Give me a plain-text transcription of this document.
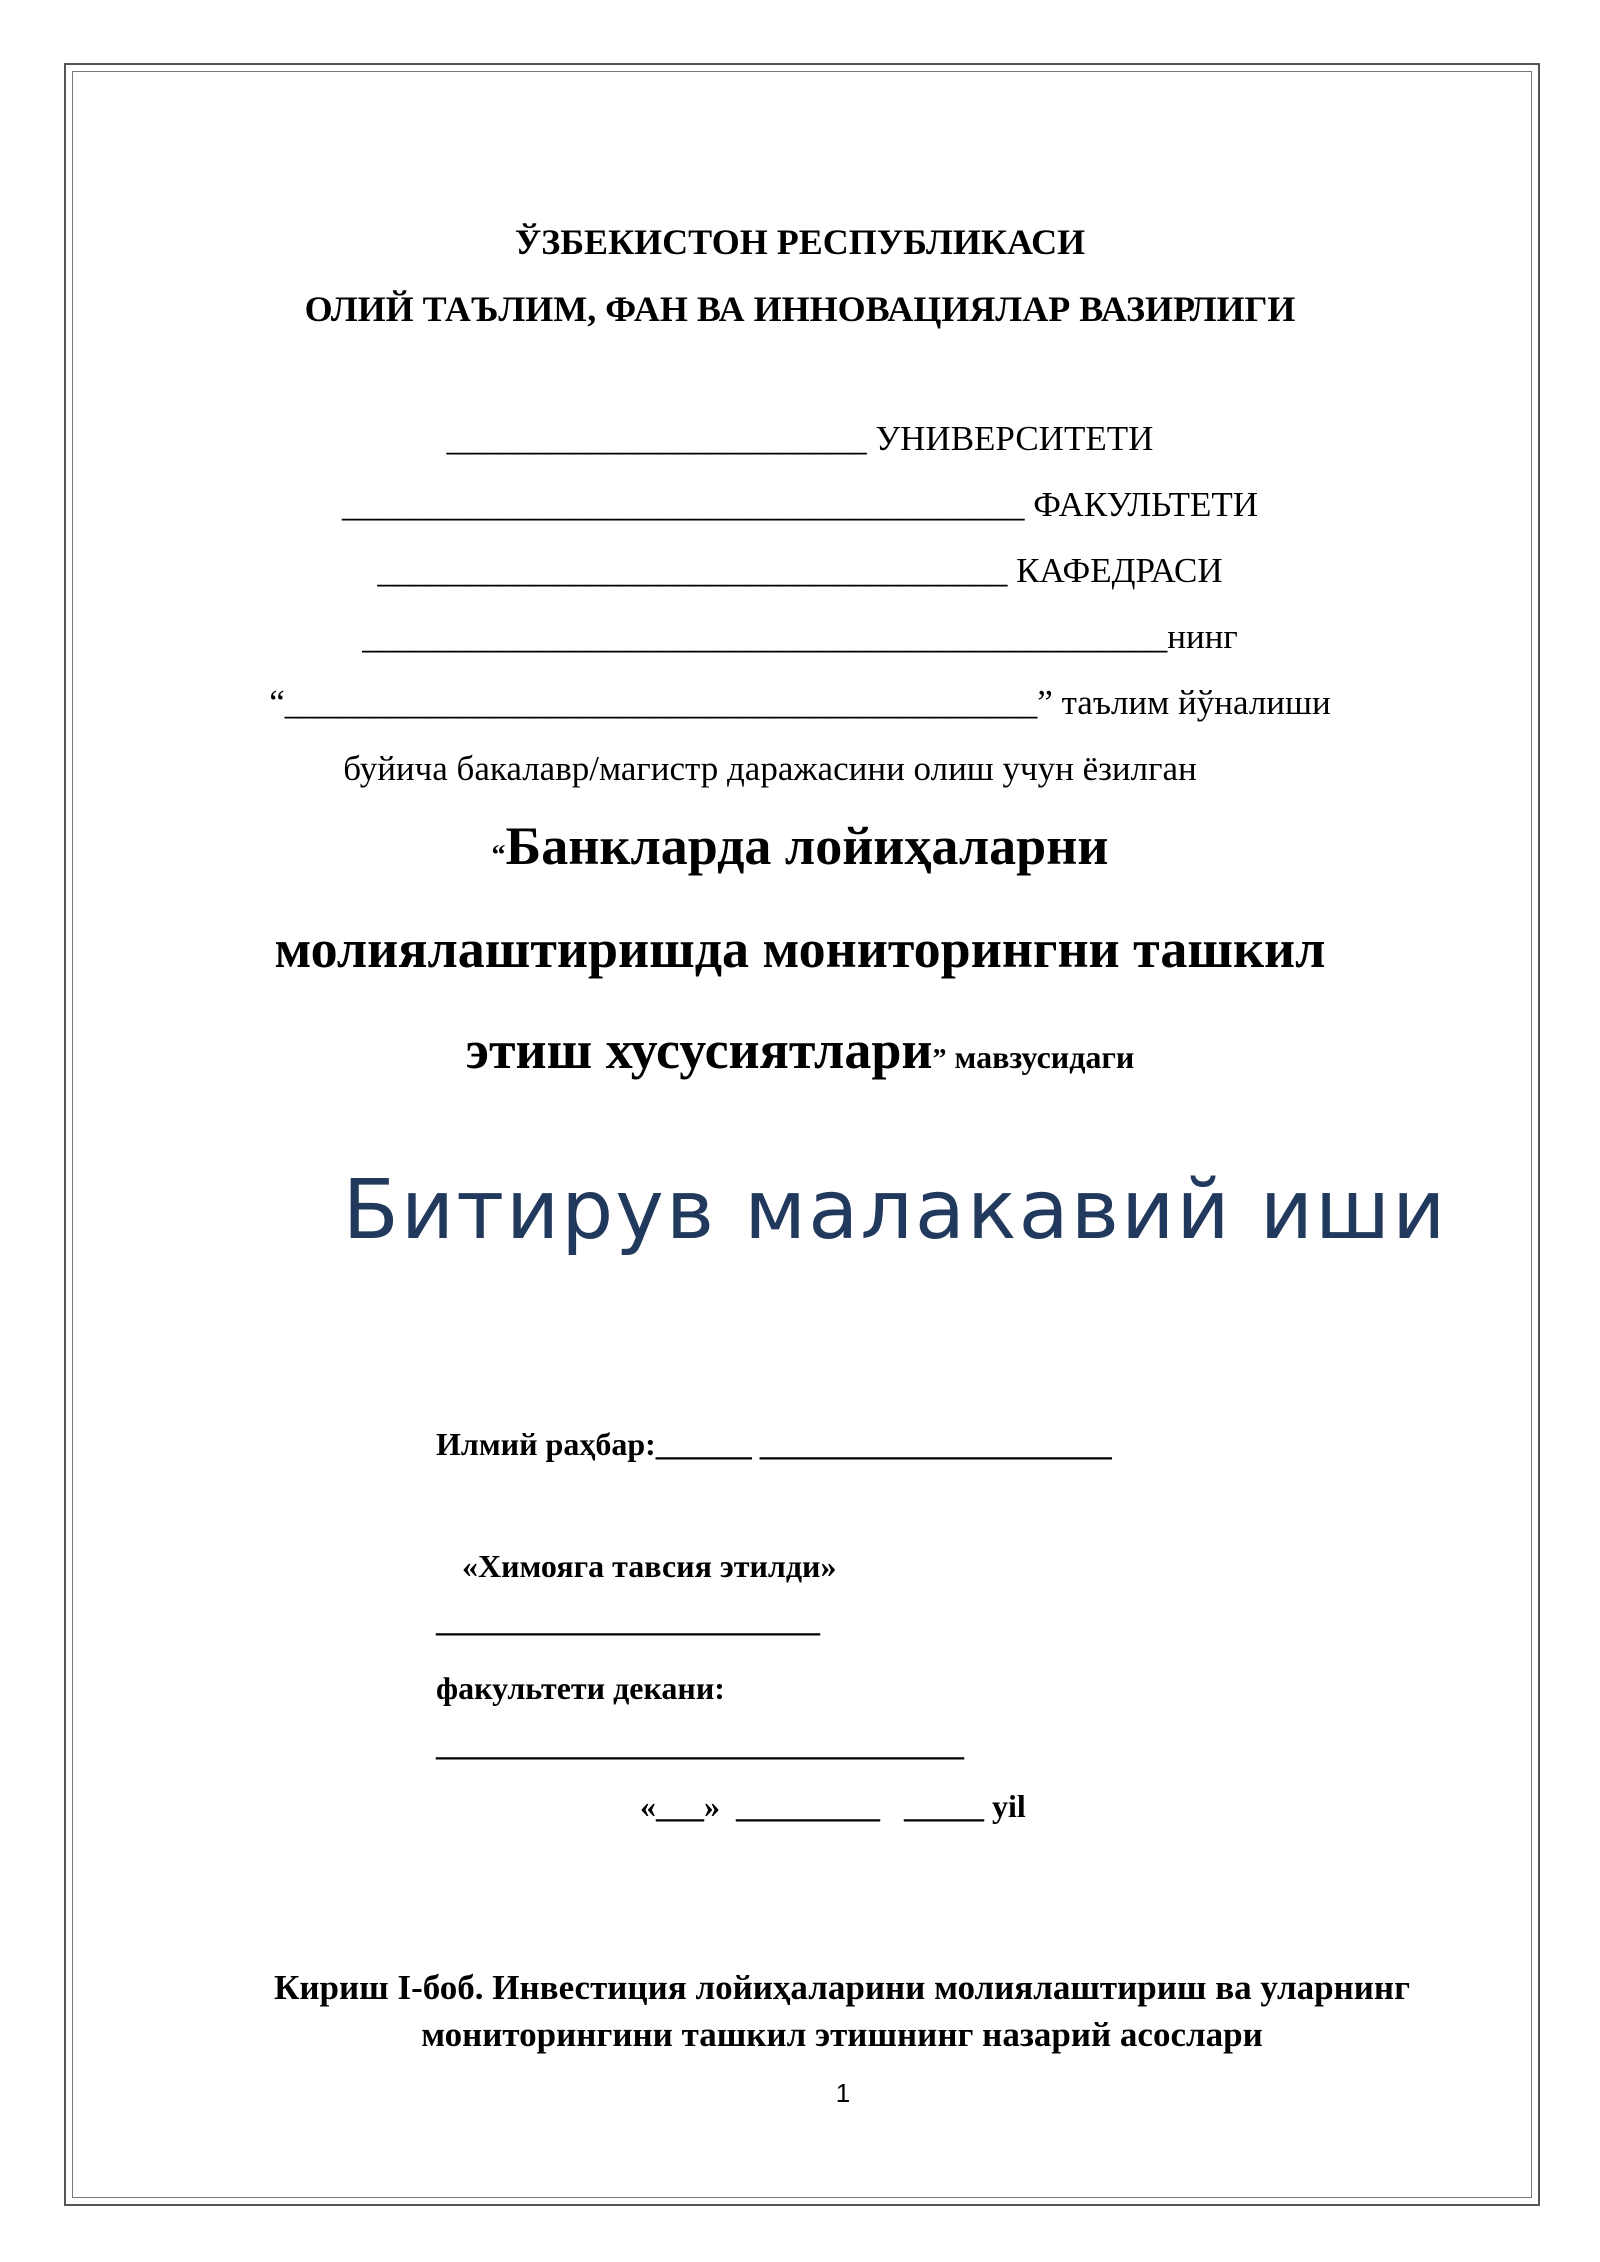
ЎЗБЕКИСТОН РЕСПУБЛИКАСИ
ОЛИЙ ТАЪЛИМ, ФАН ВА ИННОВАЦИЯЛАР ВАЗИРЛИГИ
________________________ УНИВЕРСИТЕТИ
_______________________________________ ФАКУЛЬТЕТИ
____________________________________ КАФЕДРАСИ
______________________________________________нинг
“___________________________________________” таълим йўналиши
буйича бакалавр/магистр даражасини олиш учун ёзилган
“Банкларда лойиҳаларни
молиялаштиришда мониторингни ташкил
этиш хусусиятлари” мавзусидаги
Битирув малакавий иши
Илмий раҳбар:______ ______________________
«Химояга тавсия этилди»
________________________
факультети декани:
_________________________________
«___»  _________   _____ yil
Кириш I-боб. Инвестиция лойиҳаларини молиялаштириш ва уларнинг
мониторингини ташкил этишнинг назарий асослари
1
